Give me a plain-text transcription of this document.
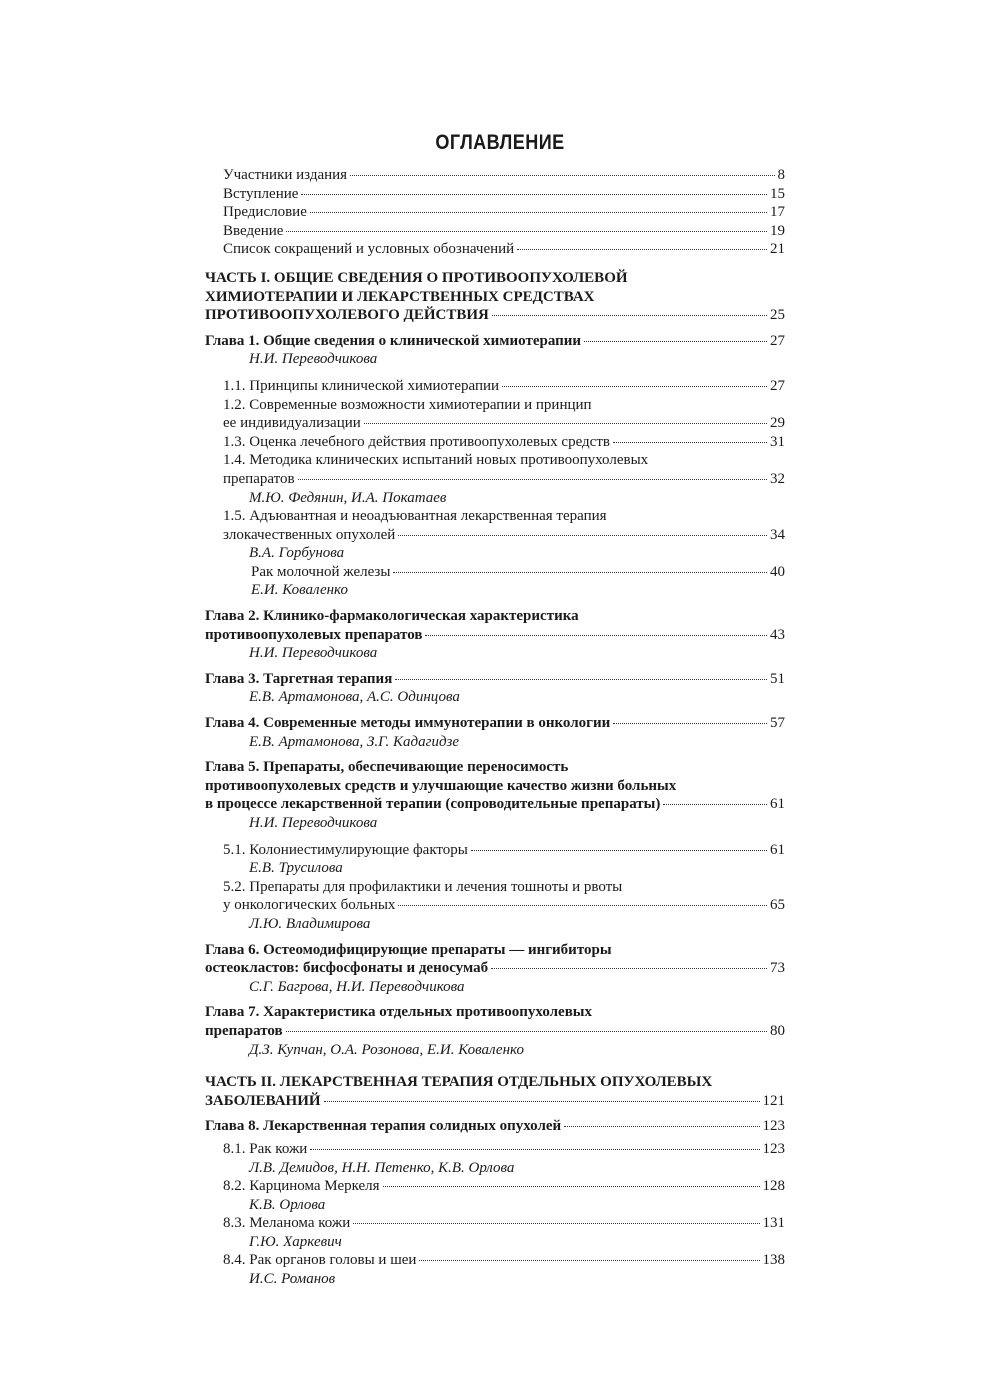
ОГЛАВЛЕНИЕ
Участники издания	8
Вступление	15
Предисловие	17
Введение	19
Список сокращений и условных обозначений	21
ЧАСТЬ I. ОБЩИЕ СВЕДЕНИЯ О ПРОТИВООПУХОЛЕВОЙ
ХИМИОТЕРАПИИ И ЛЕКАРСТВЕННЫХ СРЕДСТВАХ
ПРОТИВООПУХОЛЕВОГО ДЕЙСТВИЯ	25
Глава 1. Общие сведения о клинической химиотерапии	27
Н.И. Переводчикова
1.1. Принципы клинической химиотерапии	27
1.2. Современные возможности химиотерапии и принцип
ее индивидуализации	29
1.3. Оценка лечебного действия противоопухолевых средств	31
1.4. Методика клинических испытаний новых противоопухолевых
препаратов	32
М.Ю. Федянин, И.А. Покатаев
1.5. Адъювантная и неоадъювантная лекарственная терапия
злокачественных опухолей	34
В.А. Горбунова
Рак молочной железы	40
Е.И. Коваленко
Глава 2. Клинико-фармакологическая характеристика
противоопухолевых препаратов	43
Н.И. Переводчикова
Глава 3. Таргетная терапия	51
Е.В. Артамонова, А.С. Одинцова
Глава 4. Современные методы иммунотерапии в онкологии	57
Е.В. Артамонова, З.Г. Кадагидзе
Глава 5. Препараты, обеспечивающие переносимость
противоопухолевых средств и улучшающие качество жизни больных
в процессе лекарственной терапии (сопроводительные препараты)	61
Н.И. Переводчикова
5.1. Колониестимулирующие факторы	61
Е.В. Трусилова
5.2. Препараты для профилактики и лечения тошноты и рвоты
у онкологических больных	65
Л.Ю. Владимирова
Глава 6. Остеомодифицирующие препараты — ингибиторы
остеокластов: бисфосфонаты и деносумаб	73
С.Г. Багрова, Н.И. Переводчикова
Глава 7. Характеристика отдельных противоопухолевых
препаратов	80
Д.З. Купчан, О.А. Розонова, Е.И. Коваленко
ЧАСТЬ II. ЛЕКАРСТВЕННАЯ ТЕРАПИЯ ОТДЕЛЬНЫХ ОПУХОЛЕВЫХ
ЗАБОЛЕВАНИЙ	121
Глава 8. Лекарственная терапия солидных опухолей	123
8.1. Рак кожи	123
Л.В. Демидов, Н.Н. Петенко, К.В. Орлова
8.2. Карцинома Меркеля	128
К.В. Орлова
8.3. Меланома кожи	131
Г.Ю. Харкевич
8.4. Рак органов головы и шеи	138
И.С. Романов
